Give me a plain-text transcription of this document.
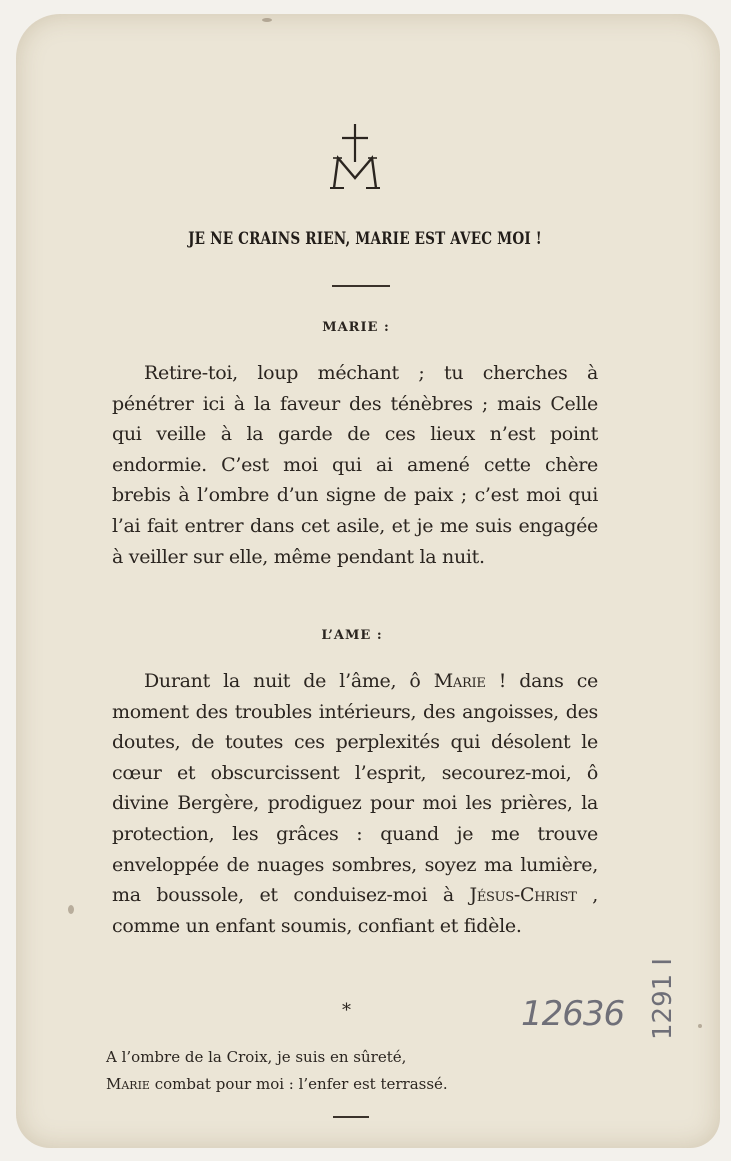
JE NE CRAINS RIEN, MARIE EST AVEC MOI !
MARIE :
Retire-toi, loup méchant ; tu cherches à pénétrer ici à la faveur des ténèbres ; mais Celle qui veille à la garde de ces lieux n’est point endormie. C’est moi qui ai amené cette chère brebis à l’ombre d’un signe de paix ; c’est moi qui l’ai fait entrer dans cet asile, et je me suis engagée à veiller sur elle, même pendant la nuit.
L’AME :
Durant la nuit de l’âme, ô Marie ! dans ce moment des troubles intérieurs, des angoisses, des doutes, de toutes ces perplexités qui désolent le cœur et obscurcissent l’esprit, secourez-moi, ô divine Bergère, prodiguez pour moi les prières, la protection, les grâces : quand je me trouve enveloppée de nuages sombres, soyez ma lumière, ma boussole, et conduisez-moi à Jésus-Christ , comme un enfant soumis, confiant et fidèle.
*
A l’ombre de la Croix, je suis en sûreté,
Marie combat pour moi : l’enfer est terrassé.
12636 1291 I
